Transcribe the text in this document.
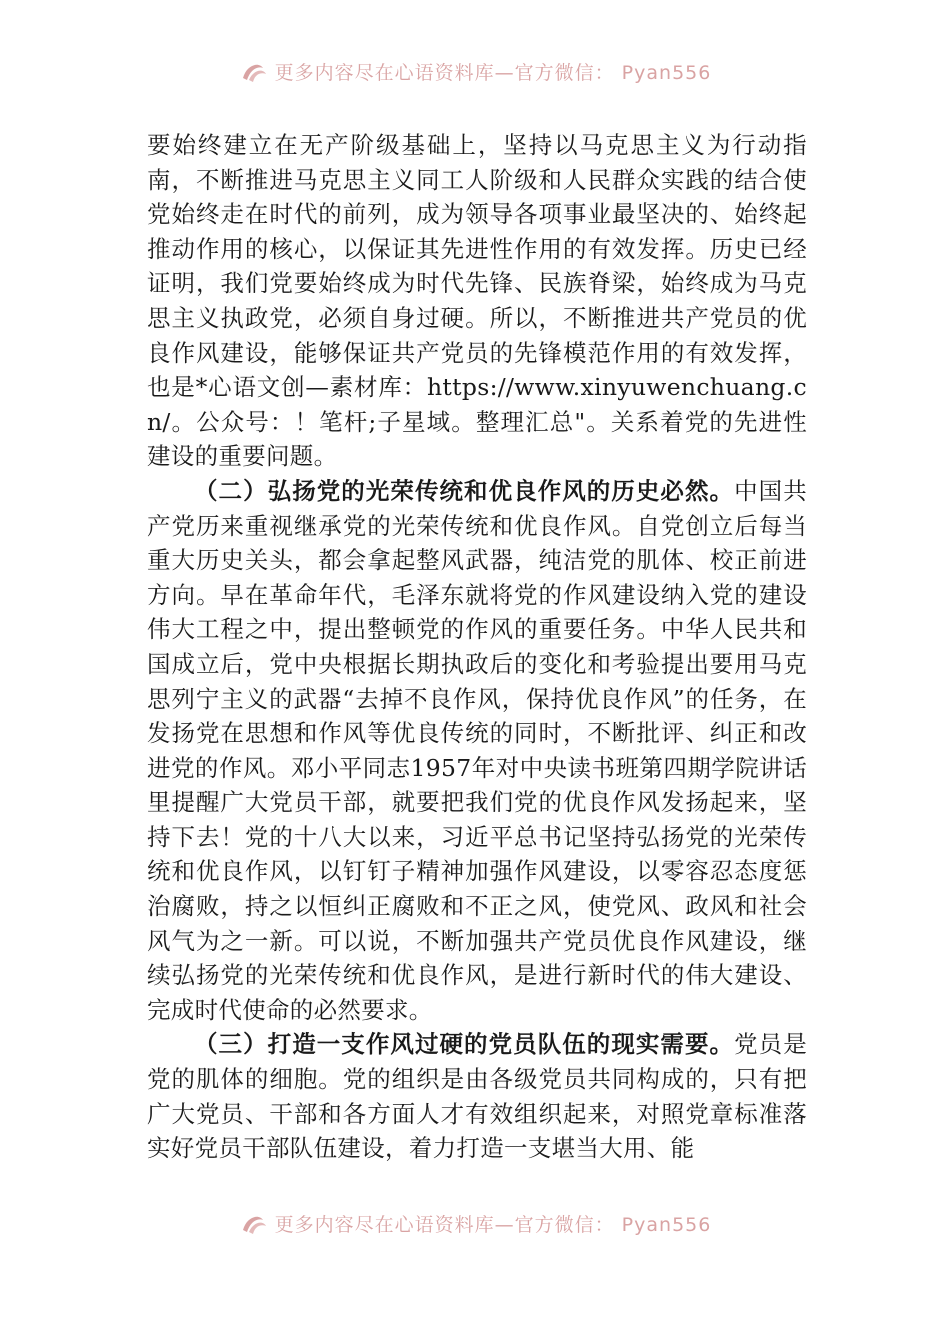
更多内容尽在心语资料库—官方微信： Pyan556

要始终建立在无产阶级基础上，坚持以马克思主义为行动指南，不断推进马克思主义同工人阶级和人民群众实践的结合使党始终走在时代的前列，成为领导各项事业最坚决的、始终起推动作用的核心，以保证其先进性作用的有效发挥。历史已经证明，我们党要始终成为时代先锋、民族脊梁，始终成为马克思主义执政党，必须自身过硬。所以，不断推进共产党员的优良作风建设，能够保证共产党员的先锋模范作用的有效发挥，也是*心语文创—素材库：https://www.xinyuwenchuang.cn/。公众号：！笔杆;子星域。整理汇总"。关系着党的先进性建设的重要问题。

（二）弘扬党的光荣传统和优良作风的历史必然。中国共产党历来重视继承党的光荣传统和优良作风。自党创立后每当重大历史关头，都会拿起整风武器，纯洁党的肌体、校正前进方向。早在革命年代，毛泽东就将党的作风建设纳入党的建设伟大工程之中，提出整顿党的作风的重要任务。中华人民共和国成立后，党中央根据长期执政后的变化和考验提出要用马克思列宁主义的武器“去掉不良作风，保持优良作风”的任务，在发扬党在思想和作风等优良传统的同时，不断批评、纠正和改进党的作风。邓小平同志1957年对中央读书班第四期学院讲话里提醒广大党员干部，就要把我们党的优良作风发扬起来，坚持下去！党的十八大以来，习近平总书记坚持弘扬党的光荣传统和优良作风，以钉钉子精神加强作风建设，以零容忍态度惩治腐败，持之以恒纠正腐败和不正之风，使党风、政风和社会风气为之一新。可以说，不断加强共产党员优良作风建设，继续弘扬党的光荣传统和优良作风，是进行新时代的伟大建设、完成时代使命的必然要求。

（三）打造一支作风过硬的党员队伍的现实需要。党员是党的肌体的细胞。党的组织是由各级党员共同构成的，只有把广大党员、干部和各方面人才有效组织起来，对照党章标准落实好党员干部队伍建设，着力打造一支堪当大用、能

更多内容尽在心语资料库—官方微信： Pyan556
